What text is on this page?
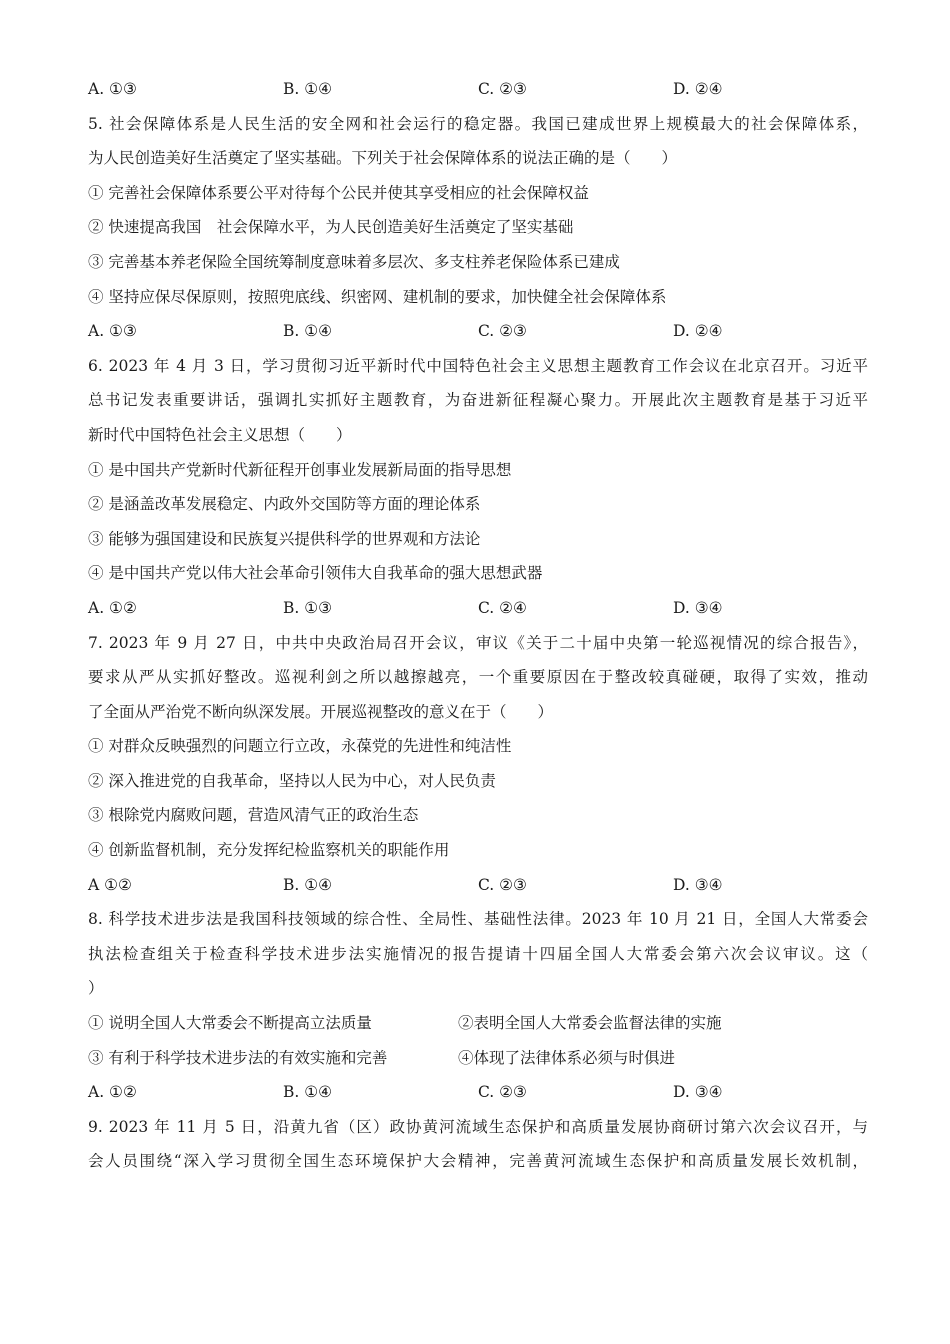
A. ①③	B. ①④	C. ②③	D. ②④
5. 社会保障体系是人民生活的安全网和社会运行的稳定器。我国已建成世界上规模最大的社会保障体系，
为人民创造美好生活奠定了坚实基础。下列关于社会保障体系的说法正确的是（　　）
① 完善社会保障体系要公平对待每个公民并使其享受相应的社会保障权益
② 快速提高我国　社会保障水平，为人民创造美好生活奠定了坚实基础
③ 完善基本养老保险全国统筹制度意味着多层次、多支柱养老保险体系已建成
④ 坚持应保尽保原则，按照兜底线、织密网、建机制的要求，加快健全社会保障体系
A. ①③	B. ①④	C. ②③	D. ②④
6. 2023 年 4 月 3 日，学习贯彻习近平新时代中国特色社会主义思想主题教育工作会议在北京召开。习近平
总书记发表重要讲话，强调扎实抓好主题教育，为奋进新征程凝心聚力。开展此次主题教育是基于习近平
新时代中国特色社会主义思想（　　）
① 是中国共产党新时代新征程开创事业发展新局面的指导思想
② 是涵盖改革发展稳定、内政外交国防等方面的理论体系
③ 能够为强国建设和民族复兴提供科学的世界观和方法论
④ 是中国共产党以伟大社会革命引领伟大自我革命的强大思想武器
A. ①②	B. ①③	C. ②④	D. ③④
7. 2023 年 9 月 27 日，中共中央政治局召开会议，审议《关于二十届中央第一轮巡视情况的综合报告》，
要求从严从实抓好整改。巡视利剑之所以越擦越亮，一个重要原因在于整改较真碰硬，取得了实效，推动
了全面从严治党不断向纵深发展。开展巡视整改的意义在于（　　）
① 对群众反映强烈的问题立行立改，永葆党的先进性和纯洁性
② 深入推进党的自我革命，坚持以人民为中心，对人民负责
③ 根除党内腐败问题，营造风清气正的政治生态
④ 创新监督机制，充分发挥纪检监察机关的职能作用
A ①②	B. ①④	C. ②③	D. ③④
8. 科学技术进步法是我国科技领域的综合性、全局性、基础性法律。2023 年 10 月 21 日，全国人大常委会
执法检查组关于检查科学技术进步法实施情况的报告提请十四届全国人大常委会第六次会议审议。这（
）
① 说明全国人大常委会不断提高立法质量	②表明全国人大常委会监督法律的实施
③ 有利于科学技术进步法的有效实施和完善	④体现了法律体系必须与时俱进
A. ①②	B. ①④	C. ②③	D. ③④
9. 2023 年 11 月 5 日，沿黄九省（区）政协黄河流域生态保护和高质量发展协商研讨第六次会议召开，与
会人员围绕“深入学习贯彻全国生态环境保护大会精神，完善黄河流域生态保护和高质量发展长效机制，
